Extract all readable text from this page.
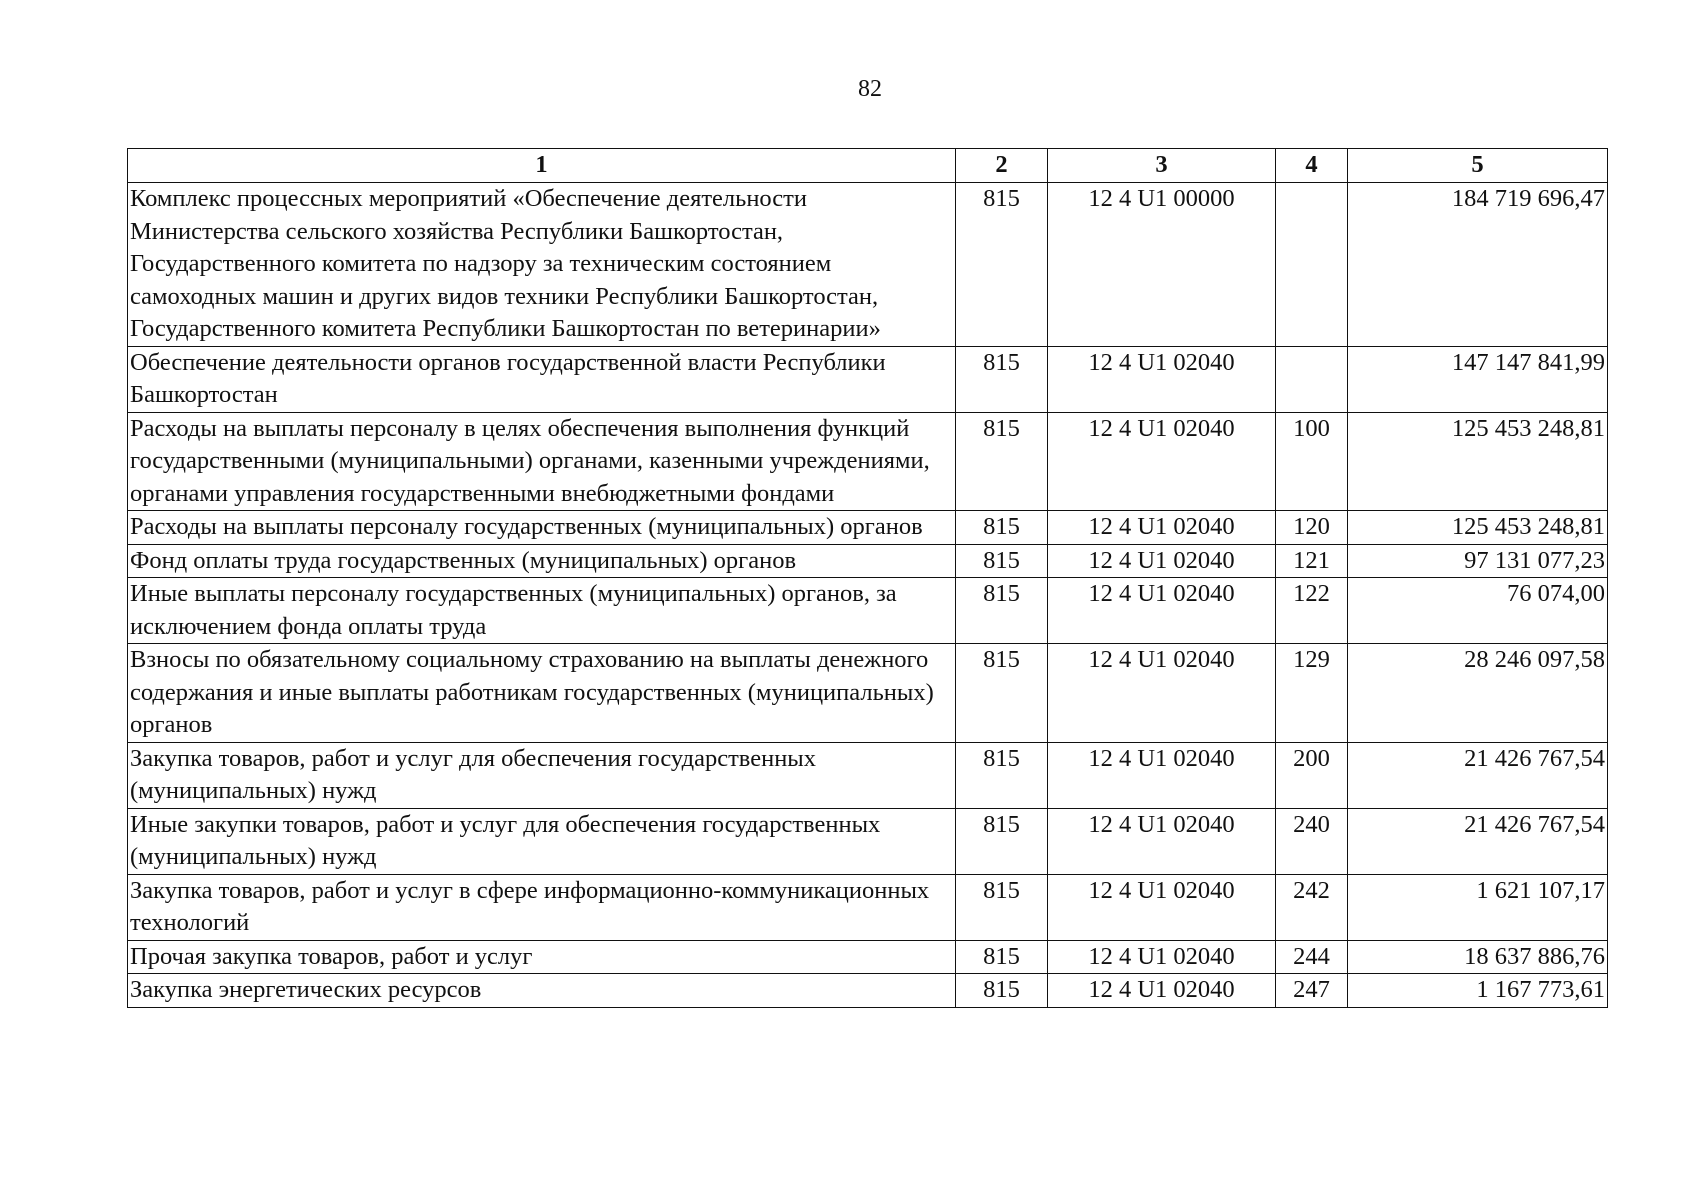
82
1	2	3	4	5
Комплекс процессных мероприятий «Обеспечение деятельности Министерства сельского хозяйства Республики Башкортостан, Государственного комитета по надзору за техническим состоянием самоходных машин и других видов техники Республики Башкортостан, Государственного комитета Республики Башкортостан по ветеринарии»	815	12 4 U1 00000		184 719 696,47
Обеспечение деятельности органов государственной власти Республики Башкортостан	815	12 4 U1 02040		147 147 841,99
Расходы на выплаты персоналу в целях обеспечения выполнения функций государственными (муниципальными) органами, казенными учреждениями, органами управления государственными внебюджетными фондами	815	12 4 U1 02040	100	125 453 248,81
Расходы на выплаты персоналу государственных (муниципальных) органов	815	12 4 U1 02040	120	125 453 248,81
Фонд оплаты труда государственных (муниципальных) органов	815	12 4 U1 02040	121	97 131 077,23
Иные выплаты персоналу государственных (муниципальных) органов, за исключением фонда оплаты труда	815	12 4 U1 02040	122	76 074,00
Взносы по обязательному социальному страхованию на выплаты денежного содержания и иные выплаты работникам государственных (муниципальных) органов	815	12 4 U1 02040	129	28 246 097,58
Закупка товаров, работ и услуг для обеспечения государственных (муниципальных) нужд	815	12 4 U1 02040	200	21 426 767,54
Иные закупки товаров, работ и услуг для обеспечения государственных (муниципальных) нужд	815	12 4 U1 02040	240	21 426 767,54
Закупка товаров, работ и услуг в сфере информационно-коммуникационных технологий	815	12 4 U1 02040	242	1 621 107,17
Прочая закупка товаров, работ и услуг	815	12 4 U1 02040	244	18 637 886,76
Закупка энергетических ресурсов	815	12 4 U1 02040	247	1 167 773,61
